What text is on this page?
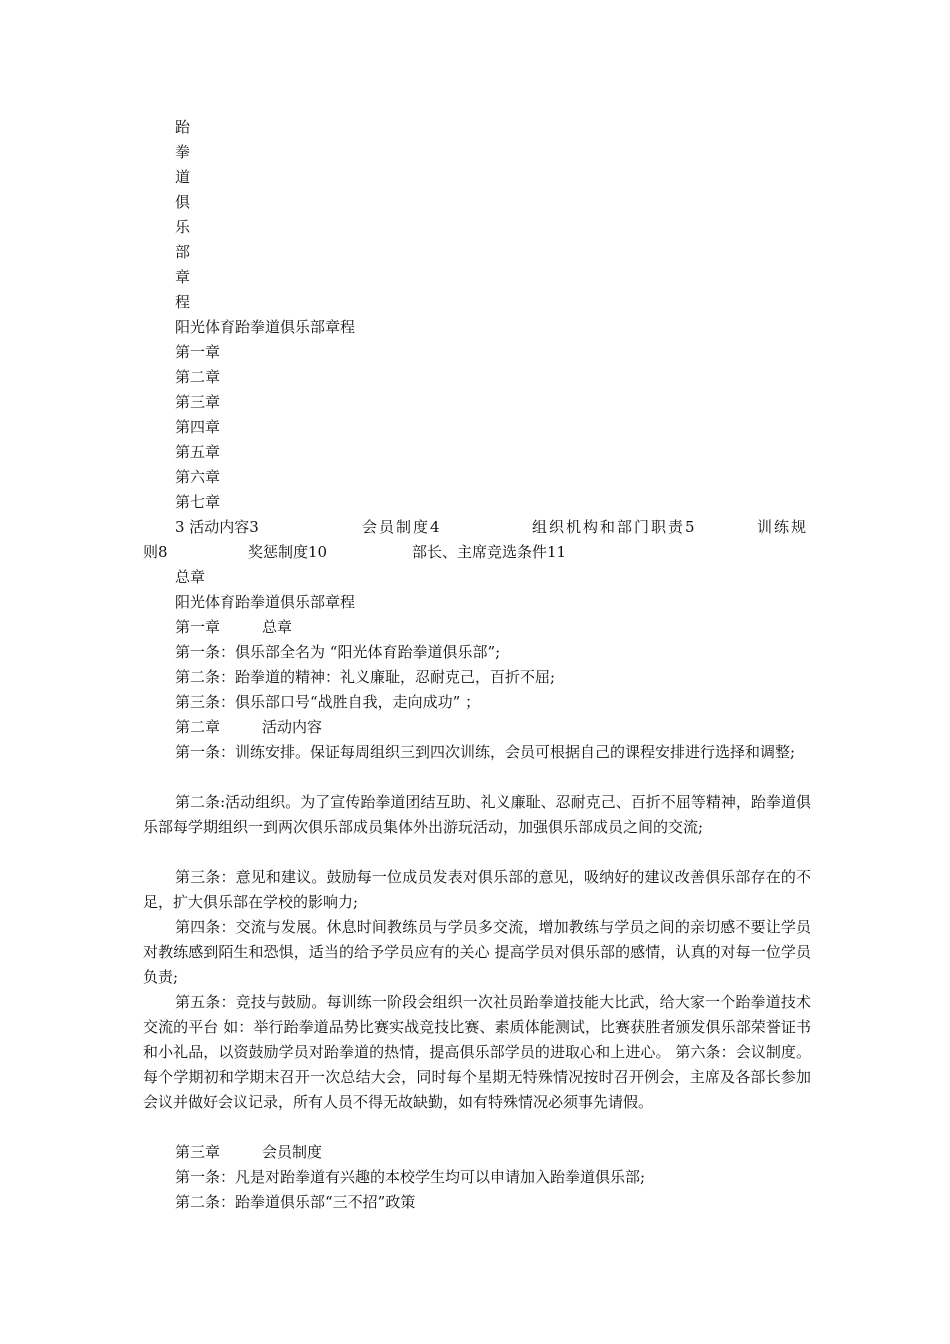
跆
拳
道
俱
乐
部
章
程
阳光体育跆拳道俱乐部章程
第一章
第二章
第三章
第四章
第五章
第六章
第七章
3 活动内容3	会员制度4	组织机构和部门职责5	训练规
则8	奖惩制度10	部长、主席竞选条件11
总章
阳光体育跆拳道俱乐部章程
第一章	总章
第一条：俱乐部全名为 “阳光体育跆拳道俱乐部”;
第二条：跆拳道的精神：礼义廉耻，忍耐克己，百折不屈;
第三条：俱乐部口号“战胜自我，走向成功” ；
第二章	活动内容
第一条：训练安排。保证每周组织三到四次训练，会员可根据自己的课程安排进行选择和调整;
第二条:活动组织。为了宣传跆拳道团结互助、礼义廉耻、忍耐克己、百折不屈等精神，跆拳道俱乐部每学期组织一到两次俱乐部成员集体外出游玩活动，加强俱乐部成员之间的交流;
第三条：意见和建议。鼓励每一位成员发表对俱乐部的意见，吸纳好的建议改善俱乐部存在的不足，扩大俱乐部在学校的影响力;
第四条：交流与发展。休息时间教练员与学员多交流，增加教练与学员之间的亲切感不要让学员对教练感到陌生和恐惧，适当的给予学员应有的关心 提高学员对俱乐部的感情，认真的对每一位学员负责;
第五条：竞技与鼓励。每训练一阶段会组织一次社员跆拳道技能大比武，给大家一个跆拳道技术交流的平台 如：举行跆拳道品势比赛实战竞技比赛、素质体能测试，比赛获胜者颁发俱乐部荣誉证书和小礼品，以资鼓励学员对跆拳道的热情，提高俱乐部学员的进取心和上进心。 第六条：会议制度。每个学期初和学期末召开一次总结大会，同时每个星期无特殊情况按时召开例会，主席及各部长参加会议并做好会议记录，所有人员不得无故缺勤，如有特殊情况必须事先请假。
第三章	会员制度
第一条：凡是对跆拳道有兴趣的本校学生均可以申请加入跆拳道俱乐部;
第二条：跆拳道俱乐部“三不招”政策
